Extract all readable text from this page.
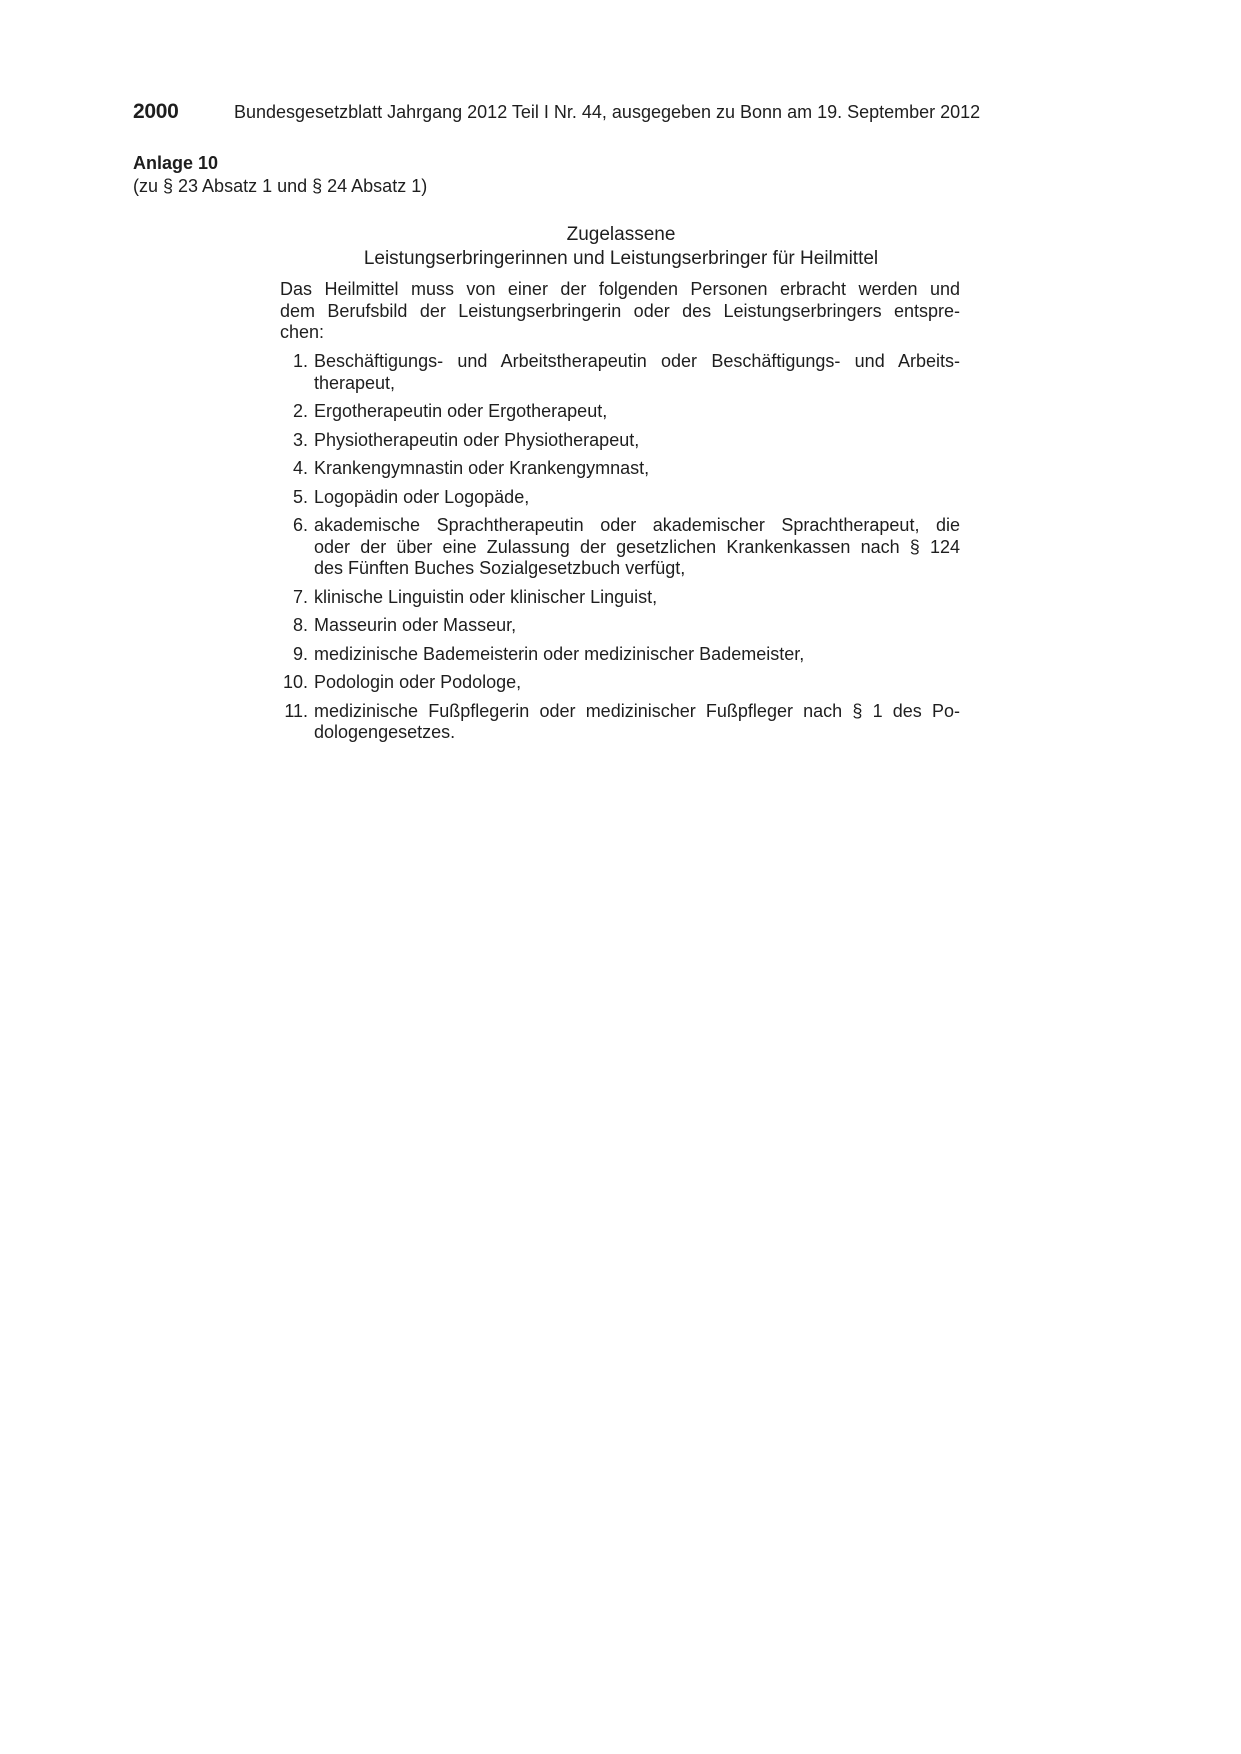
2000	Bundesgesetzblatt Jahrgang 2012 Teil I Nr. 44, ausgegeben zu Bonn am 19. September 2012
Anlage 10
(zu § 23 Absatz 1 und § 24 Absatz 1)
Zugelassene
Leistungserbringerinnen und Leistungserbringer für Heilmittel
Das Heilmittel muss von einer der folgenden Personen erbracht werden und
dem Berufsbild der Leistungserbringerin oder des Leistungserbringers entspre-
chen:
1. Beschäftigungs- und Arbeitstherapeutin oder Beschäftigungs- und Arbeits-
therapeut,
2. Ergotherapeutin oder Ergotherapeut,
3. Physiotherapeutin oder Physiotherapeut,
4. Krankengymnastin oder Krankengymnast,
5. Logopädin oder Logopäde,
6. akademische Sprachtherapeutin oder akademischer Sprachtherapeut, die
oder der über eine Zulassung der gesetzlichen Krankenkassen nach § 124
des Fünften Buches Sozialgesetzbuch verfügt,
7. klinische Linguistin oder klinischer Linguist,
8. Masseurin oder Masseur,
9. medizinische Bademeisterin oder medizinischer Bademeister,
10. Podologin oder Podologe,
11. medizinische Fußpflegerin oder medizinischer Fußpfleger nach § 1 des Po-
dologengesetzes.
